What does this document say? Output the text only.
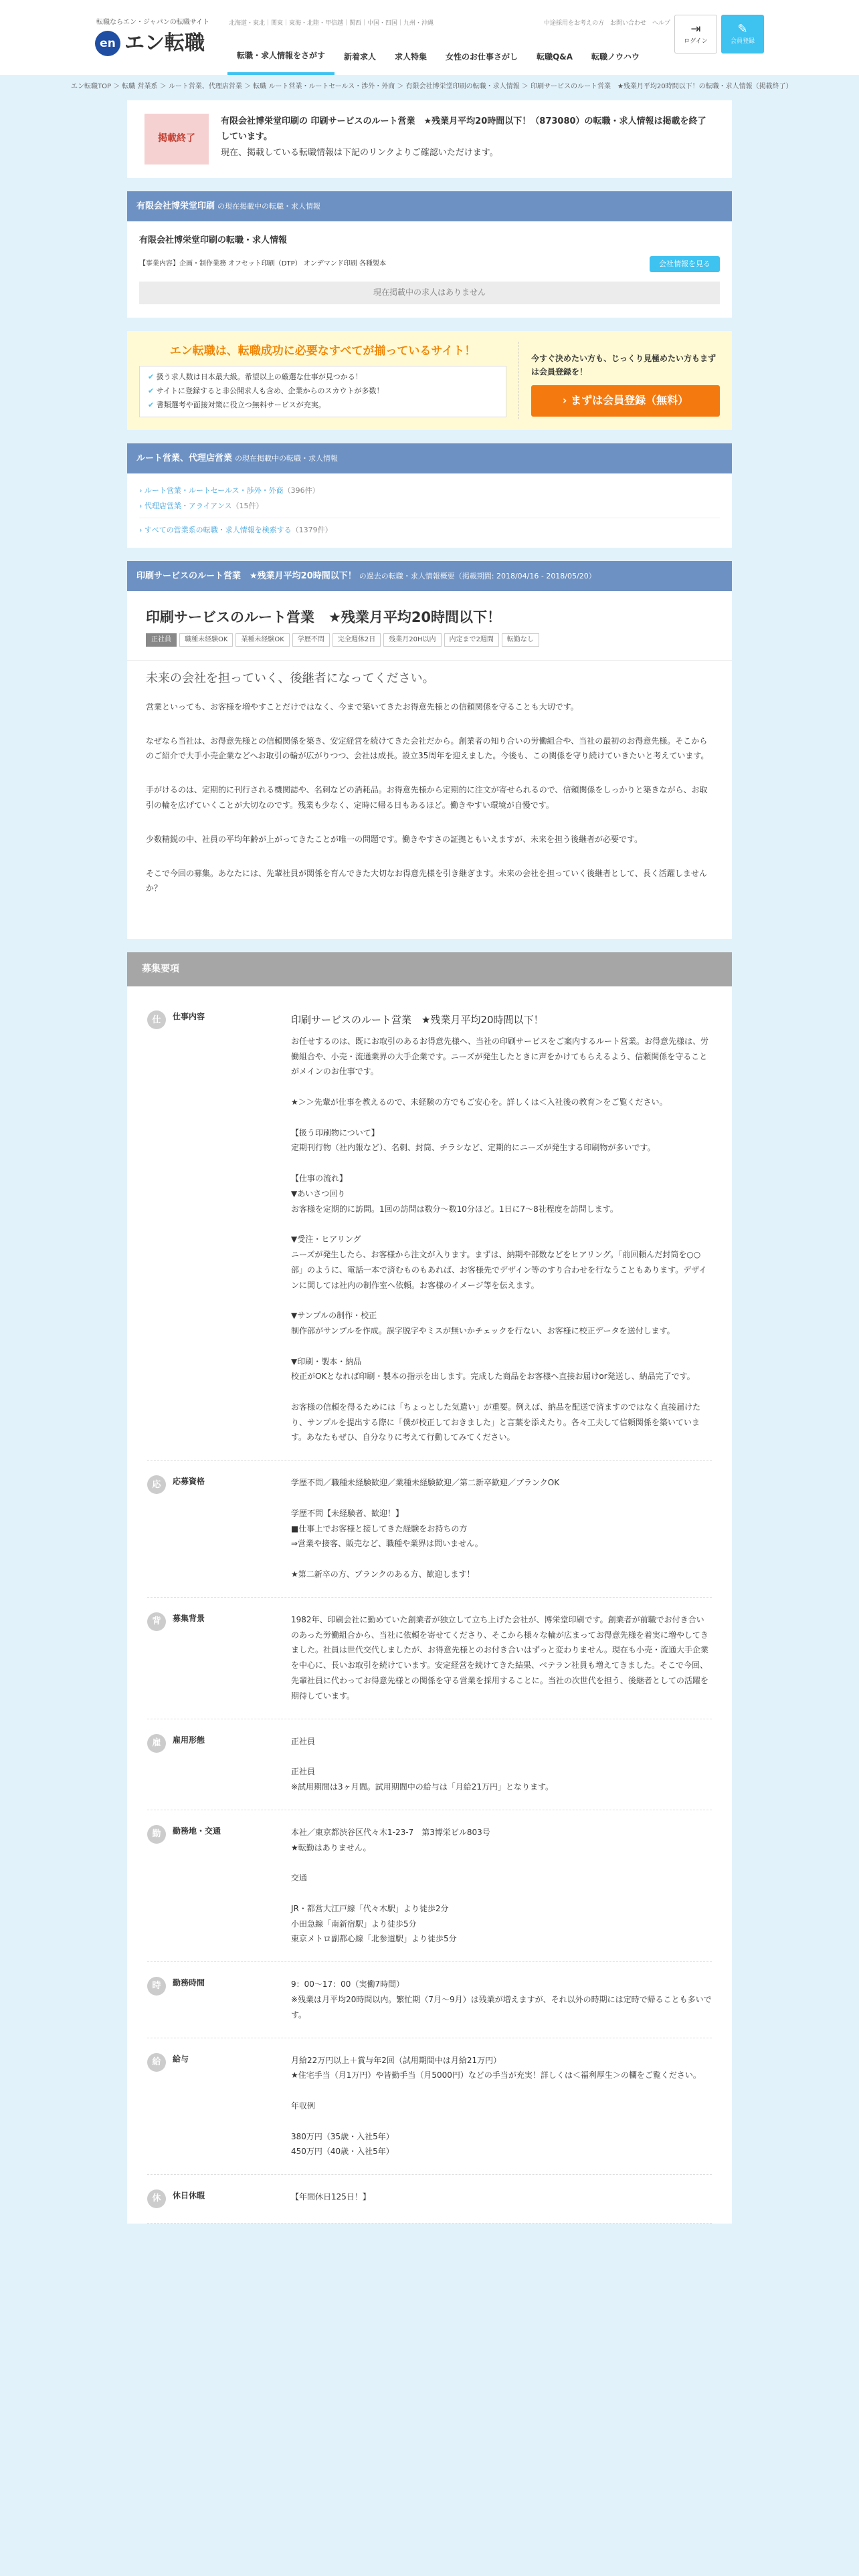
転職ならエン・ジャパンの転職サイト
en エン転職
北海道・東北｜関東｜東海・北陸・甲信越｜関西｜中国・四国｜九州・沖縄	中途採用をお考えの方　お問い合わせ　ヘルプ ⇥
ログイン
✎
会員登録
転職・求人情報をさがす	新着求人	求人特集	女性のお仕事さがし	転職Q&A	転職ノウハウ
エン転職TOP ＞ 転職 営業系 ＞ ルート営業、代理店営業 ＞ 転職 ルート営業・ルートセールス・渉外・外商 ＞ 有限会社博栄堂印刷の転職・求人情報 ＞ 印刷サービスのルート営業　★残業月平均20時間以下！の転職・求人情報（掲載終了）
掲載終了

有限会社博栄堂印刷の 印刷サービスのルート営業　★残業月平均20時間以下！（873080）の転職・求人情報は掲載を終了しています。

現在、掲載している転職情報は下記のリンクよりご確認いただけます。

有限会社博栄堂印刷 の現在掲載中の転職・求人情報
有限会社博栄堂印刷の転職・求人情報
【事業内容】企画・制作業務 オフセット印刷（DTP） オンデマンド印刷 各種製本	会社情報を見る
現在掲載中の求人はありません
エン転職は、転職成功に必要なすべてが揃っているサイト！
✔ 扱う求人数は日本最大級。希望以上の厳選な仕事が見つかる！
✔ サイトに登録すると非公開求人も含め、企業からのスカウトが多数！
✔ 書類選考や面接対策に役立つ無料サービスが充実。

今すぐ決めたい方も、じっくり見極めたい方もまずは会員登録を！

› まずは会員登録（無料）
ルート営業、代理店営業 の現在掲載中の転職・求人情報
› ルート営業・ルートセールス・渉外・外商（396件）
› 代理店営業・アライアンス（15件）
› すべての営業系の転職・求人情報を検索する（1379件）
印刷サービスのルート営業　★残業月平均20時間以下！ の過去の転職・求人情報概要（掲載期間: 2018/04/16 - 2018/05/20）
印刷サービスのルート営業　★残業月平均20時間以下！
正社員	職種未経験OK	業種未経験OK	学歴不問	完全週休2日	残業月20H以内	内定まで2週間	転勤なし
未来の会社を担っていく、後継者になってください。

営業といっても、お客様を増やすことだけではなく、今まで築いてきたお得意先様との信頼関係を守ることも大切です。

なぜなら当社は、お得意先様との信頼関係を築き、安定経営を続けてきた会社だから。創業者の知り合いの労働組合や、当社の最初のお得意先様。そこからのご紹介で大手小売企業などへお取引の輪が広がりつつ、会社は成長。設立35周年を迎えました。今後も、この関係を守り続けていきたいと考えています。

手がけるのは、定期的に刊行される機関誌や、名刺などの消耗品。お得意先様から定期的に注文が寄せられるので、信頼関係をしっかりと築きながら、お取引の輪を広げていくことが大切なのです。残業も少なく、定時に帰る日もあるほど。働きやすい環境が自慢です。

少数精鋭の中、社員の平均年齢が上がってきたことが唯一の問題です。働きやすさの証拠ともいえますが、未来を担う後継者が必要です。

そこで今回の募集。あなたには、先輩社員が関係を育んできた大切なお得意先様を引き継ぎます。未来の会社を担っていく後継者として、長く活躍しませんか？

募集要項
仕	仕事内容	印刷サービスのルート営業　★残業月平均20時間以下！
お任せするのは、既にお取引のあるお得意先様へ、当社の印刷サービスをご案内するルート営業。お得意先様は、労働組合や、小売・流通業界の大手企業です。ニーズが発生したときに声をかけてもらえるよう、信頼関係を守ることがメインのお仕事です。

★＞＞先輩が仕事を教えるので、未経験の方でもご安心を。詳しくは＜入社後の教育＞をご覧ください。

【扱う印刷物について】
定期刊行物（社内報など）、名刺、封筒、チラシなど、定期的にニーズが発生する印刷物が多いです。

【仕事の流れ】
▼あいさつ回り
お客様を定期的に訪問。1回の訪問は数分〜数10分ほど。1日に7〜8社程度を訪問します。

▼受注・ヒアリング
ニーズが発生したら、お客様から注文が入ります。まずは、納期や部数などをヒアリング。「前回頼んだ封筒を○○部」のように、電話一本で済むものもあれば、お客様先でデザイン等のすり合わせを行なうこともあります。デザインに関しては社内の制作室へ依頼。お客様のイメージ等を伝えます。

▼サンプルの制作・校正
制作部がサンプルを作成。誤字脱字やミスが無いかチェックを行ない、お客様に校正データを送付します。

▼印刷・製本・納品
校正がOKとなれば印刷・製本の指示を出します。完成した商品をお客様へ直接お届けor発送し、納品完了です。

お客様の信頼を得るためには「ちょっとした気遣い」が重要。例えば、納品を配送で済ますのではなく直接届けたり、サンプルを提出する際に「僕が校正しておきました」と言葉を添えたり。各々工夫して信頼関係を築いています。あなたもぜひ、自分なりに考えて行動してみてください。
応	応募資格	学歴不問／職種未経験歓迎／業種未経験歓迎／第二新卒歓迎／ブランクOK

学歴不問【未経験者、歓迎！】
■仕事上でお客様と接してきた経験をお持ちの方
⇒営業や接客、販売など、職種や業界は問いません。

★第二新卒の方、ブランクのある方、歓迎します！
背	募集背景	1982年、印刷会社に勤めていた創業者が独立して立ち上げた会社が、博栄堂印刷です。創業者が前職でお付き合いのあった労働組合から、当社に依頼を寄せてくださり、そこから様々な輪が広まってお得意先様を着実に増やしてきました。社員は世代交代しましたが、お得意先様とのお付き合いはずっと変わりません。現在も小売・流通大手企業を中心に、長いお取引を続けています。安定経営を続けてきた結果、ベテラン社員も増えてきました。そこで今回、先輩社員に代わってお得意先様との関係を守る営業を採用することに。当社の次世代を担う、後継者としての活躍を期待しています。
雇	雇用形態	正社員

正社員
※試用期間は3ヶ月間。試用期間中の給与は「月給21万円」となります。
勤	勤務地・交通	本社／東京都渋谷区代々木1-23-7　第3博栄ビル803号
★転勤はありません。

交通

JR・都営大江戸線「代々木駅」より徒歩2分
小田急線「南新宿駅」より徒歩5分
東京メトロ副都心線「北参道駅」より徒歩5分
時	勤務時間	9：00〜17：00（実働7時間）
※残業は月平均20時間以内。繁忙期（7月〜9月）は残業が増えますが、それ以外の時期には定時で帰ることも多いです。
給	給与	月給22万円以上＋賞与年2回（試用期間中は月給21万円）
★住宅手当（月1万円）や皆勤手当（月5000円）などの手当が充実！詳しくは＜福利厚生＞の欄をご覧ください。

年収例

380万円（35歳・入社5年）
450万円（40歳・入社5年）
休	休日休暇	【年間休日125日！】
